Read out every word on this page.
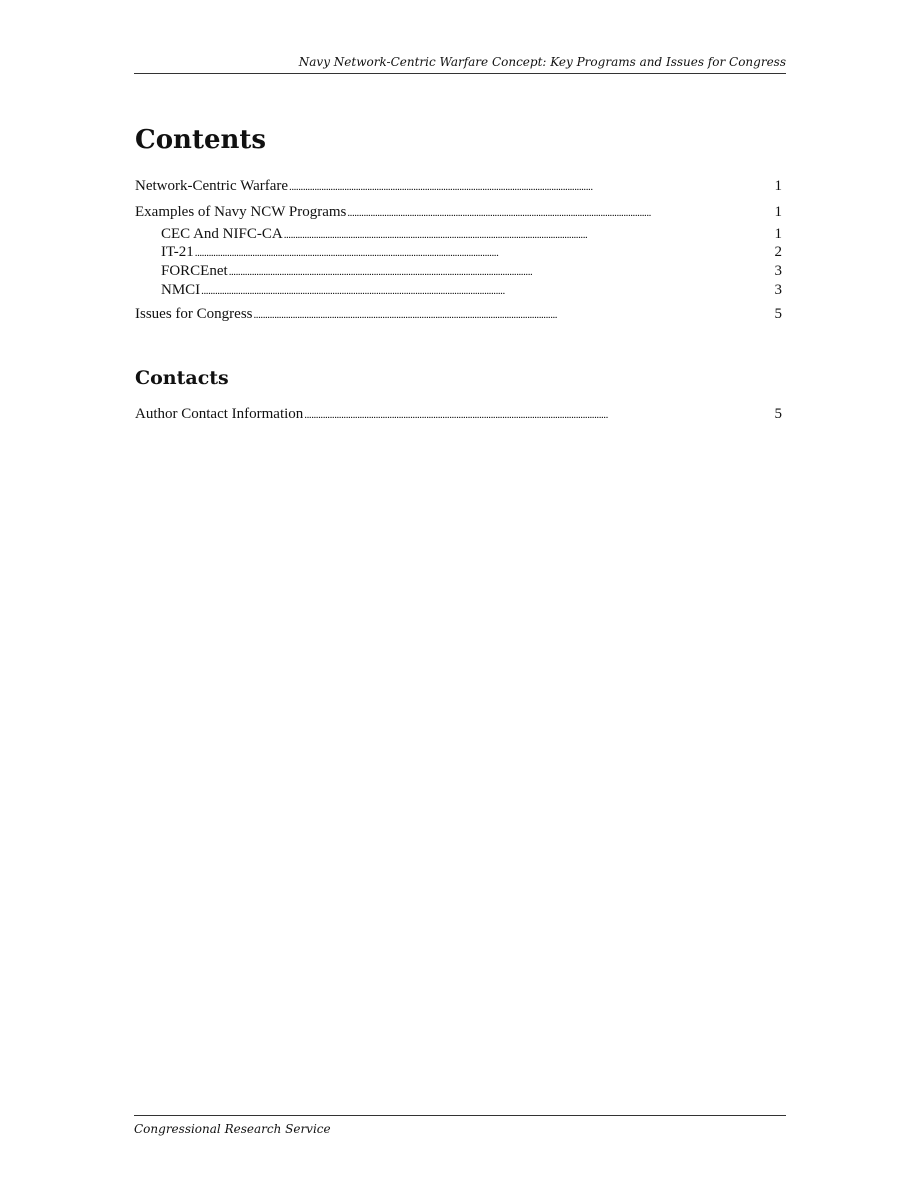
Navy Network-Centric Warfare Concept: Key Programs and Issues for Congress
Contents
Network-Centric Warfare . . .	1
Examples of Navy NCW Programs . . .	1
CEC And NIFC-CA . . .	1
IT-21 . . .	2
FORCEnet . . .	3
NMCI . . .	3
Issues for Congress . . .	5
Contacts
Author Contact Information . . .	5
Congressional Research Service
